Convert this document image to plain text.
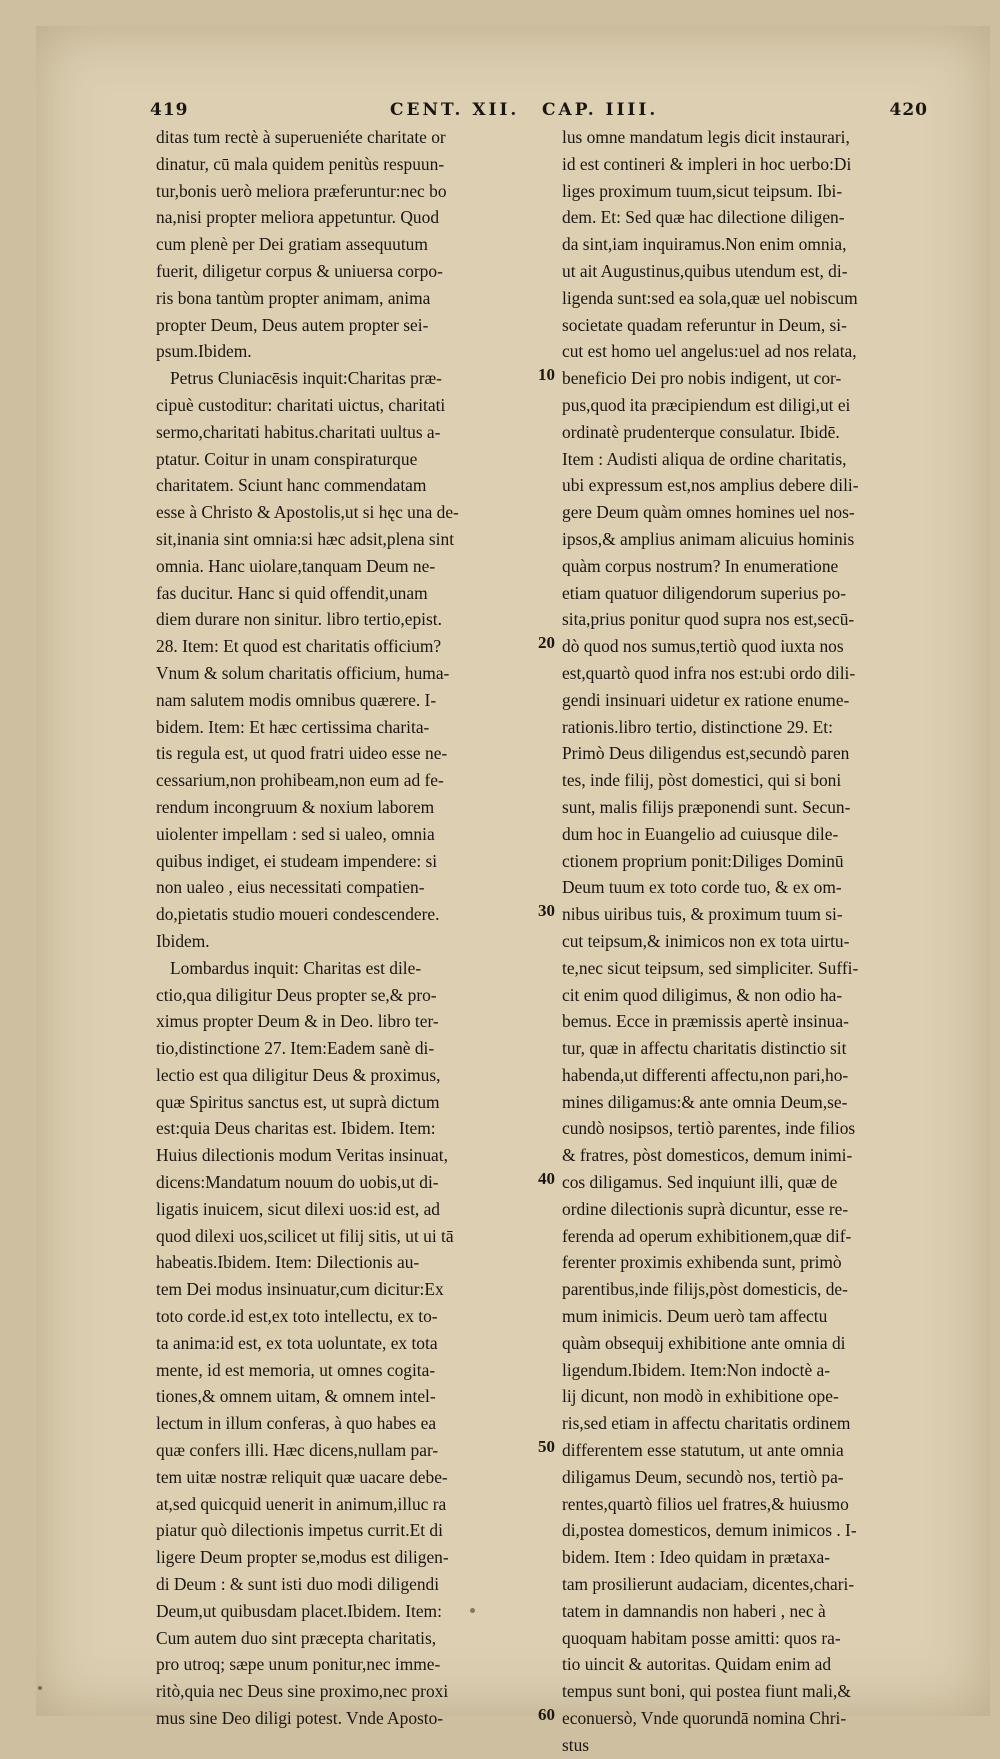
419	CENT. XII. CAP. IIII.	420
ditas tum rectè à superueniéte charitate or
dinatur, cū mala quidem penitùs respuun-
tur,bonis uerò meliora præferuntur:nec bo
na,nisi propter meliora appetuntur. Quod
cum plenè per Dei gratiam assequutum
fuerit, diligetur corpus & uniuersa corpo-
ris bona tantùm propter animam, anima
propter Deum, Deus autem propter sei-
psum.Ibidem.
Petrus Cluniacēsis inquit:Charitas præ-
cipuè custoditur: charitati uictus, charitati
sermo,charitati habitus.charitati uultus a-
ptatur. Coitur in unam conspiraturque
charitatem. Sciunt hanc commendatam
esse à Christo & Apostolis,ut si hęc una de-
sit,inania sint omnia:si hæc adsit,plena sint
omnia. Hanc uiolare,tanquam Deum ne-
fas ducitur. Hanc si quid offendit,unam
diem durare non sinitur. libro tertio,epist.
28. Item: Et quod est charitatis officium?
Vnum & solum charitatis officium, huma-
nam salutem modis omnibus quærere. I-
bidem. Item: Et hæc certissima charita-
tis regula est, ut quod fratri uideo esse ne-
cessarium,non prohibeam,non eum ad fe-
rendum incongruum & noxium laborem
uiolenter impellam : sed si ualeo, omnia
quibus indiget, ei studeam impendere: si
non ualeo , eius necessitati compatien-
do,pietatis studio moueri condescendere.
Ibidem.
Lombardus inquit: Charitas est dile-
ctio,qua diligitur Deus propter se,& pro-
ximus propter Deum & in Deo. libro ter-
tio,distinctione 27. Item:Eadem sanè di-
lectio est qua diligitur Deus & proximus,
quæ Spiritus sanctus est, ut suprà dictum
est:quia Deus charitas est. Ibidem. Item:
Huius dilectionis modum Veritas insinuat,
dicens:Mandatum nouum do uobis,ut di-
ligatis inuicem, sicut dilexi uos:id est, ad
quod dilexi uos,scilicet ut filij sitis, ut ui tā
habeatis.Ibidem. Item: Dilectionis au-
tem Dei modus insinuatur,cum dicitur:Ex
toto corde.id est,ex toto intellectu, ex to-
ta anima:id est, ex tota uoluntate, ex tota
mente, id est memoria, ut omnes cogita-
tiones,& omnem uitam, & omnem intel-
lectum in illum conferas, à quo habes ea
quæ confers illi. Hæc dicens,nullam par-
tem uitæ nostræ reliquit quæ uacare debe-
at,sed quicquid uenerit in animum,illuc ra
piatur quò dilectionis impetus currit.Et di
ligere Deum propter se,modus est diligen-
di Deum : & sunt isti duo modi diligendi
Deum,ut quibusdam placet.Ibidem. Item:
Cum autem duo sint præcepta charitatis,
pro utroq; sæpe unum ponitur,nec imme-
ritò,quia nec Deus sine proximo,nec proxi
mus sine Deo diligi potest. Vnde Aposto-
10
20
30
40
50
60
lus omne mandatum legis dicit instaurari,
id est contineri & impleri in hoc uerbo:Di
liges proximum tuum,sicut teipsum. Ibi-
dem. Et: Sed quæ hac dilectione diligen-
da sint,iam inquiramus.Non enim omnia,
ut ait Augustinus,quibus utendum est, di-
ligenda sunt:sed ea sola,quæ uel nobiscum
societate quadam referuntur in Deum, si-
cut est homo uel angelus:uel ad nos relata,
beneficio Dei pro nobis indigent, ut cor-
pus,quod ita præcipiendum est diligi,ut ei
ordinatè prudenterque consulatur. Ibidē.
Item : Audisti aliqua de ordine charitatis,
ubi expressum est,nos amplius debere dili-
gere Deum quàm omnes homines uel nos-
ipsos,& amplius animam alicuius hominis
quàm corpus nostrum? In enumeratione
etiam quatuor diligendorum superius po-
sita,prius ponitur quod supra nos est,secū-
dò quod nos sumus,tertiò quod iuxta nos
est,quartò quod infra nos est:ubi ordo dili-
gendi insinuari uidetur ex ratione enume-
rationis.libro tertio, distinctione 29. Et:
Primò Deus diligendus est,secundò paren
tes, inde filij, pòst domestici, qui si boni
sunt, malis filijs præponendi sunt. Secun-
dum hoc in Euangelio ad cuiusque dile-
ctionem proprium ponit:Diliges Dominū
Deum tuum ex toto corde tuo, & ex om-
nibus uiribus tuis, & proximum tuum si-
cut teipsum,& inimicos non ex tota uirtu-
te,nec sicut teipsum, sed simpliciter. Suffi-
cit enim quod diligimus, & non odio ha-
bemus. Ecce in præmissis apertè insinua-
tur, quæ in affectu charitatis distinctio sit
habenda,ut differenti affectu,non pari,ho-
mines diligamus:& ante omnia Deum,se-
cundò nosipsos, tertiò parentes, inde filios
& fratres, pòst domesticos, demum inimi-
cos diligamus. Sed inquiunt illi, quæ de
ordine dilectionis suprà dicuntur, esse re-
ferenda ad operum exhibitionem,quæ dif-
ferenter proximis exhibenda sunt, primò
parentibus,inde filijs,pòst domesticis, de-
mum inimicis. Deum uerò tam affectu
quàm obsequij exhibitione ante omnia di
ligendum.Ibidem. Item:Non indoctè a-
lij dicunt, non modò in exhibitione ope-
ris,sed etiam in affectu charitatis ordinem
differentem esse statutum, ut ante omnia
diligamus Deum, secundò nos, tertiò pa-
rentes,quartò filios uel fratres,& huiusmo
di,postea domesticos, demum inimicos . I-
bidem. Item : Ideo quidam in prætaxa-
tam prosilierunt audaciam, dicentes,chari-
tatem in damnandis non haberi , nec à
quoquam habitam posse amitti: quos ra-
tio uincit & autoritas. Quidam enim ad
tempus sunt boni, qui postea fiunt mali,&
econuersò, Vnde quorundā nomina Chri-
stus
